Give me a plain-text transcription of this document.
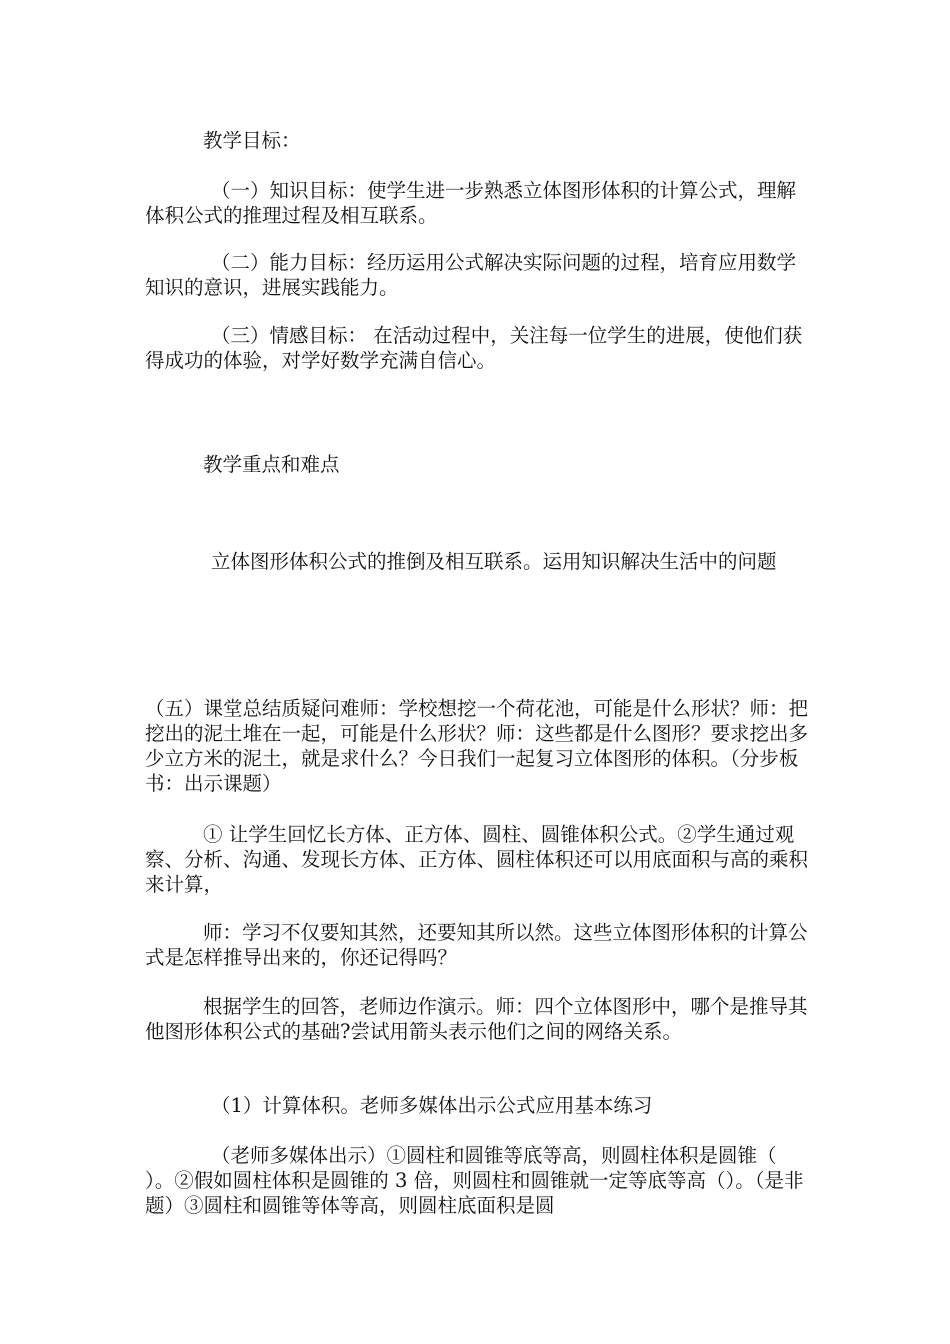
教学目标：

（一）知识目标：使学生进一步熟悉立体图形体积的计算公式，理解体积公式的推理过程及相互联系。

（二）能力目标：经历运用公式解决实际问题的过程，培育应用数学知识的意识，进展实践能力。

（三）情感目标： 在活动过程中，关注每一位学生的进展，使他们获得成功的体验，对学好数学充满自信心。

教学重点和难点

立体图形体积公式的推倒及相互联系。运用知识解决生活中的问题

（五）课堂总结质疑问难师：学校想挖一个荷花池，可能是什么形状？师：把挖出的泥土堆在一起，可能是什么形状？师：这些都是什么图形？要求挖出多少立方米的泥土，就是求什么？今日我们一起复习立体图形的体积。（分步板书：出示课题）

① 让学生回忆长方体、正方体、圆柱、圆锥体积公式。②学生通过观察、分析、沟通、发现长方体、正方体、圆柱体积还可以用底面积与高的乘积来计算，

师：学习不仅要知其然，还要知其所以然。这些立体图形体积的计算公式是怎样推导出来的，你还记得吗？

根据学生的回答，老师边作演示。师：四个立体图形中，哪个是推导其他图形体积公式的基础?尝试用箭头表示他们之间的网络关系。

（1）计算体积。老师多媒体出示公式应用基本练习

（老师多媒体出示）①圆柱和圆锥等底等高，则圆柱体积是圆锥（ ）。②假如圆柱体积是圆锥的 3 倍，则圆柱和圆锥就一定等底等高（）。（是非题）③圆柱和圆锥等体等高，则圆柱底面积是圆
